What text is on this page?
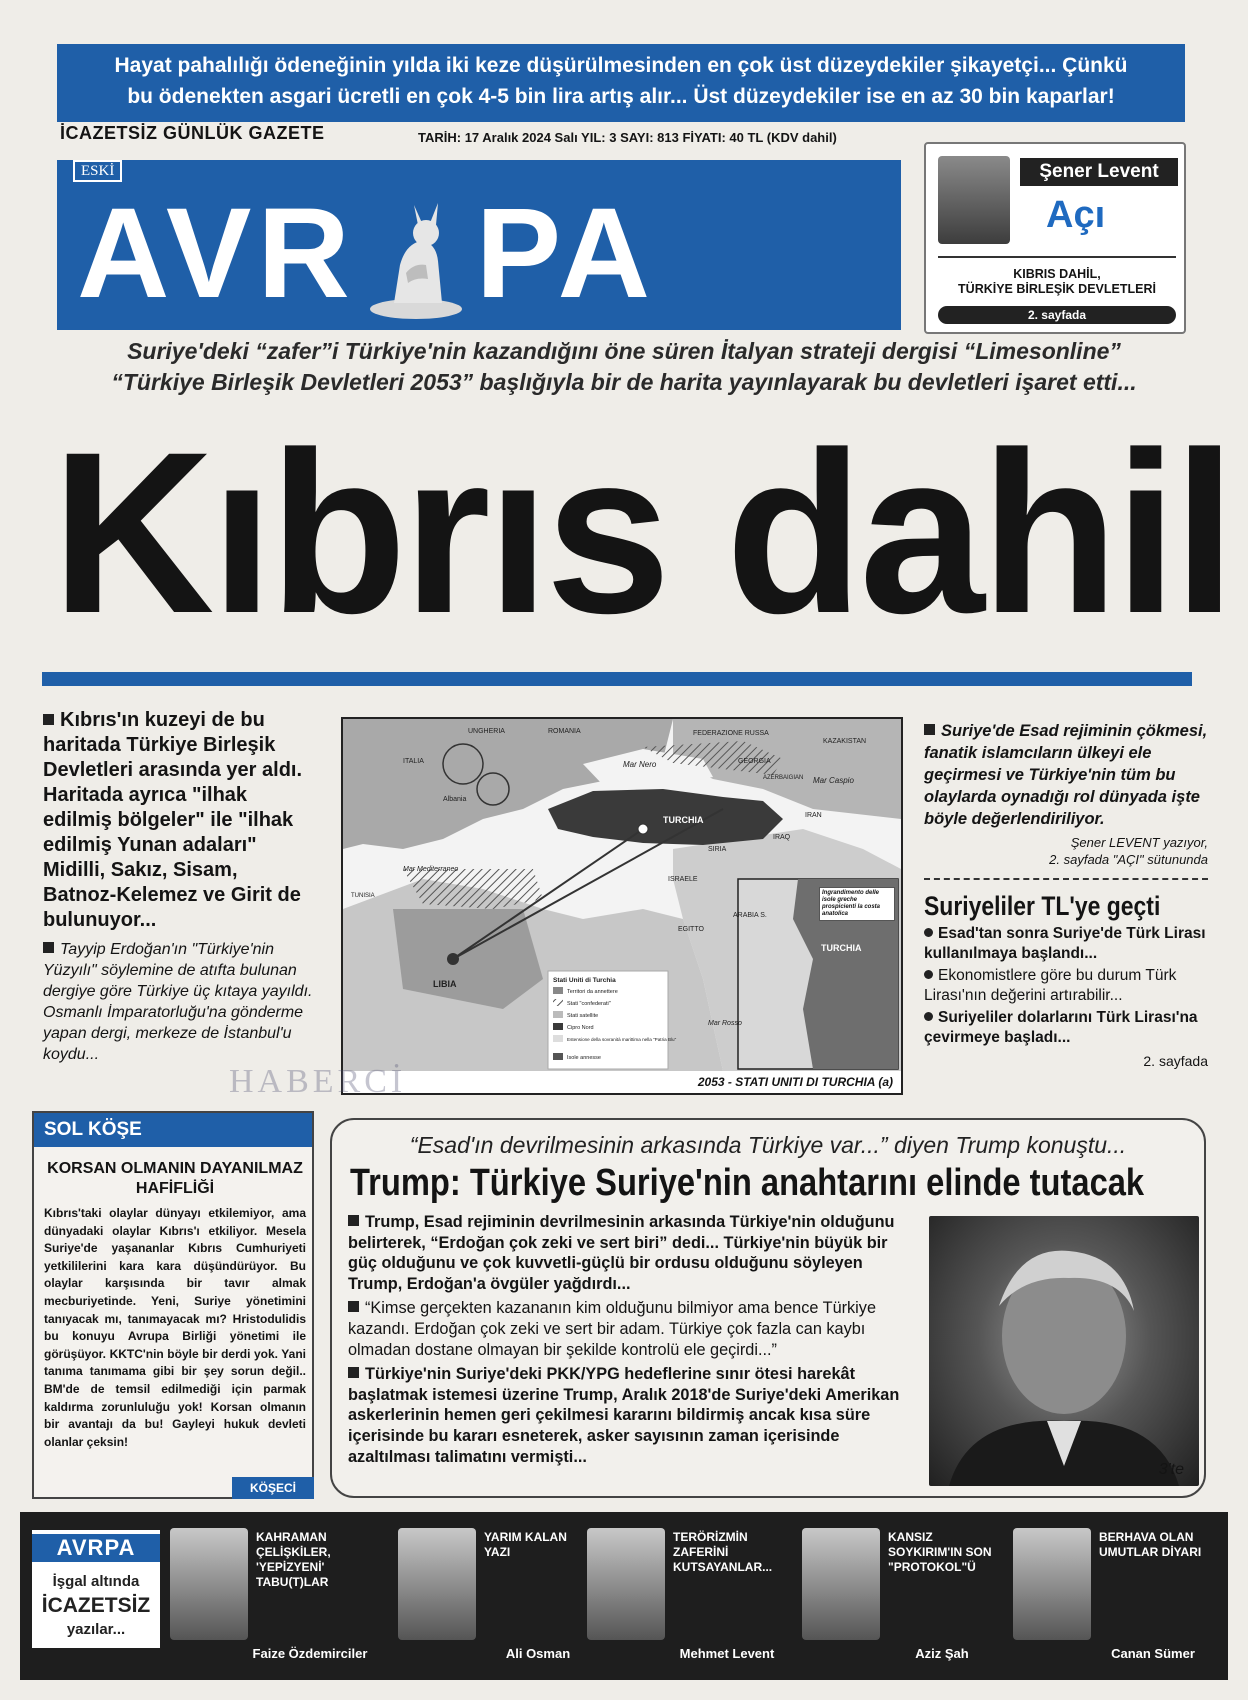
Hayat pahalılığı ödeneğinin yılda iki keze düşürülmesinden en çok üst düzeydekiler şikayetçi... Çünkü
bu ödenekten asgari ücretli en çok 4-5 bin lira artış alır... Üst düzeydekiler ise en az 30 bin kaparlar!
İCAZETSİZ GÜNLÜK GAZETE	TARİH: 17 Aralık 2024 Salı YIL: 3 SAYI: 813 FİYATI: 40 TL (KDV dahil)
ESKİ
AVR PA
Şener Levent
Açı
KIBRIS DAHİL,
TÜRKİYE BİRLEŞİK DEVLETLERİ
2. sayfada
Suriye'deki “zafer”i Türkiye'nin kazandığını öne süren İtalyan strateji dergisi “Limesonline”
“Türkiye Birleşik Devletleri 2053” başlığıyla bir de harita yayınlayarak bu devletleri işaret etti...
Kıbrıs dahil
Kıbrıs'ın kuzeyi de bu haritada Türkiye Birleşik Devletleri arasında yer aldı. Haritada ayrıca "ilhak edilmiş bölgeler" ile "ilhak edilmiş Yunan adaları" Midilli, Sakız, Sisam, Batnoz-Kelemez ve Girit de bulunuyor...
Tayyip Erdoğan'ın "Türkiye'nin Yüzyılı" söylemine de atıfta bulunan dergiye göre Türkiye üç kıtaya yayıldı. Osmanlı İmparatorluğu'na gönderme yapan dergi, merkeze de İstanbul'u koydu...
UNGHERIA	ROMANIA	FEDERAZIONE RUSSA
KAZAKISTAN
Mar Nero
Mar Caspio
GEORGIA
AZERBAIGIAN
TURCHIA
TURCHIA
LIBIA
IRAQ
IRAN
SIRIA
ISRAELE
EGITTO
ARABIA S.
Mar Mediterraneo
Mar Rosso
ITALIA
TUNISIA
Albania
Stati Uniti di Turchia
Territori da annettere
Stati "confederati"
Stati satellite
Cipro Nord
Estensione della sovranità marittima nella "Patria Blu"
Isole annesse
Ingrandimento delle isole greche prospicienti la costa anatolica
2053 - STATI UNITI DI TURCHIA (a)
HABERCİ
Suriye'de Esad rejiminin çökmesi, fanatik islamcıların ülkeyi ele geçirmesi ve Türkiye'nin tüm bu olaylarda oynadığı rol dünyada işte böyle değerlendiriliyor.
Şener LEVENT yazıyor,
2. sayfada "AÇI" sütununda
Suriyeliler TL'ye geçti
Esad'tan sonra Suriye'de Türk Lirası kullanılmaya başlandı...
Ekonomistlere göre bu durum Türk Lirası'nın değerini artırabilir...
Suriyeliler dolarlarını Türk Lirası'na çevirmeye başladı...
2. sayfada
SOL KÖŞE
KORSAN OLMANIN DAYANILMAZ HAFİFLİĞİ
Kıbrıs'taki olaylar dünyayı etkilemiyor, ama dünyadaki olaylar Kıbrıs'ı etkiliyor. Mesela Suriye'de yaşananlar Kıbrıs Cumhuriyeti yetkililerini kara kara düşündürüyor. Bu olaylar karşısında bir tavır almak mecburiyetinde. Yeni, Suriye yönetimini tanıyacak mı, tanımayacak mı? Hristodulidis bu konuyu Avrupa Birliği yönetimi ile görüşüyor. KKTC'nin böyle bir derdi yok. Yani tanıma tanımama gibi bir şey sorun değil.. BM'de de temsil edilmediği için parmak kaldırma zorunluluğu yok! Korsan olmanın bir avantajı da bu! Gayleyi hukuk devleti olanlar çeksin!
KÖŞECİ
“Esad'ın devrilmesinin arkasında Türkiye var...” diyen Trump konuştu...
Trump: Türkiye Suriye'nin anahtarını elinde tutacak

Trump, Esad rejiminin devrilmesinin arkasında Türkiye'nin olduğunu belirterek, “Erdoğan çok zeki ve sert biri” dedi... Türkiye'nin büyük bir güç olduğunu ve çok kuvvetli-güçlü bir ordusu olduğunu söyleyen Trump, Erdoğan'a övgüler yağdırdı...

“Kimse gerçekten kazananın kim olduğunu bilmiyor ama bence Türkiye kazandı. Erdoğan çok zeki ve sert bir adam. Türkiye çok fazla can kaybı olmadan dostane olmayan bir şekilde kontrolü ele geçirdi...”

Türkiye'nin Suriye'deki PKK/YPG hedeflerine sınır ötesi harekât başlatmak istemesi üzerine Trump, Aralık 2018'de Suriye'deki Amerikan askerlerinin hemen geri çekilmesi kararını bildirmiş ancak kısa süre içerisinde bu kararı esneterek, asker sayısının zaman içerisinde azaltılması talimatını vermişti...

3'te
AVRPA
İşgal altında
İCAZETSİZ
yazılar...
KAHRAMAN ÇELİŞKİLER, 'YEPİZYENİ' TABU(T)LAR
Faize Özdemirciler
YARIM KALAN YAZI
Ali Osman
TERÖRİZMİN ZAFERİNİ KUTSAYANLAR...
Mehmet Levent
KANSIZ SOYKIRIM'IN SON "PROTOKOL"Ü
Aziz Şah
BERHAVA OLAN UMUTLAR DİYARI
Canan Sümer
